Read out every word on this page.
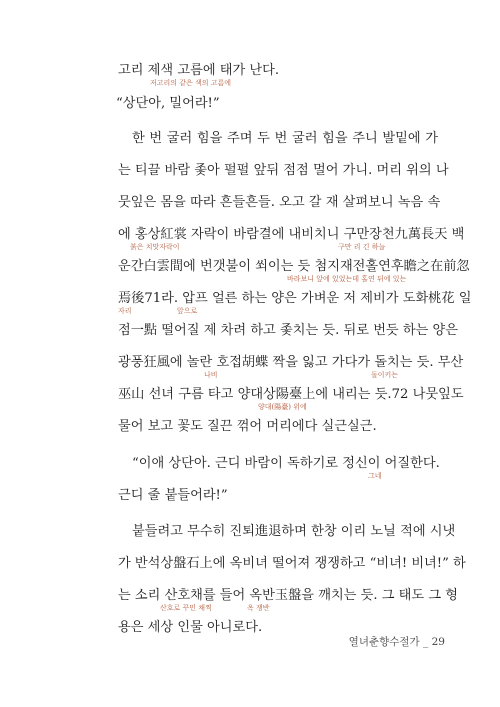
고리 제색 고름에 태가 난다.
“상단아, 밀어라!”
한 번 굴러 힘을 주며 두 번 굴러 힘을 주니 발밑에 가
는 티끌 바람 좇아 펄펄 앞뒤 점점 멀어 가니. 머리 위의 나
뭇잎은 몸을 따라 흔들흔들. 오고 갈 재 살펴보니 녹음 속
에 홍상紅裳 자락이 바람결에 내비치니 구만장천九萬長天 백
운간白雲間에 번갯불이 쐬이는 듯 첨지재전홀연후瞻之在前忽
焉後71라. 압프 얼른 하는 양은 가벼운 저 제비가 도화桃花 일
점一點 떨어질 제 차려 하고 좇치는 듯. 뒤로 번듯 하는 양은
광풍狂風에 놀란 호접胡蝶 짝을 잃고 가다가 돌치는 듯. 무산
巫山 선녀 구름 타고 양대상陽臺上에 내리는 듯.72 나뭇잎도
물어 보고 꽃도 질끈 꺾어 머리에다 실근실근.
“이애 상단아. 근디 바람이 독하기로 정신이 어질한다.
근디 줄 붙들어라!”
붙들려고 무수히 진퇴進退하며 한창 이리 노닐 적에 시냇
가 반석상盤石上에 옥비녀 떨어져 쟁쟁하고 “비녀! 비녀!” 하
는 소리 산호채를 들어 옥반玉盤을 깨치는 듯. 그 태도 그 형
용은 세상 인물 아니로다.
저고리의 같은 색의 고름에
붉은 치맛자락이	구만 리 긴 하늘
바라보니 앞에 있었는데 홀연 뒤에 있는
자리	앞으로
나비	돌이키는
양대(陽臺) 위에
그네
산호로 꾸민 채찍	옥 쟁반
열녀춘향수절가 _ 29
